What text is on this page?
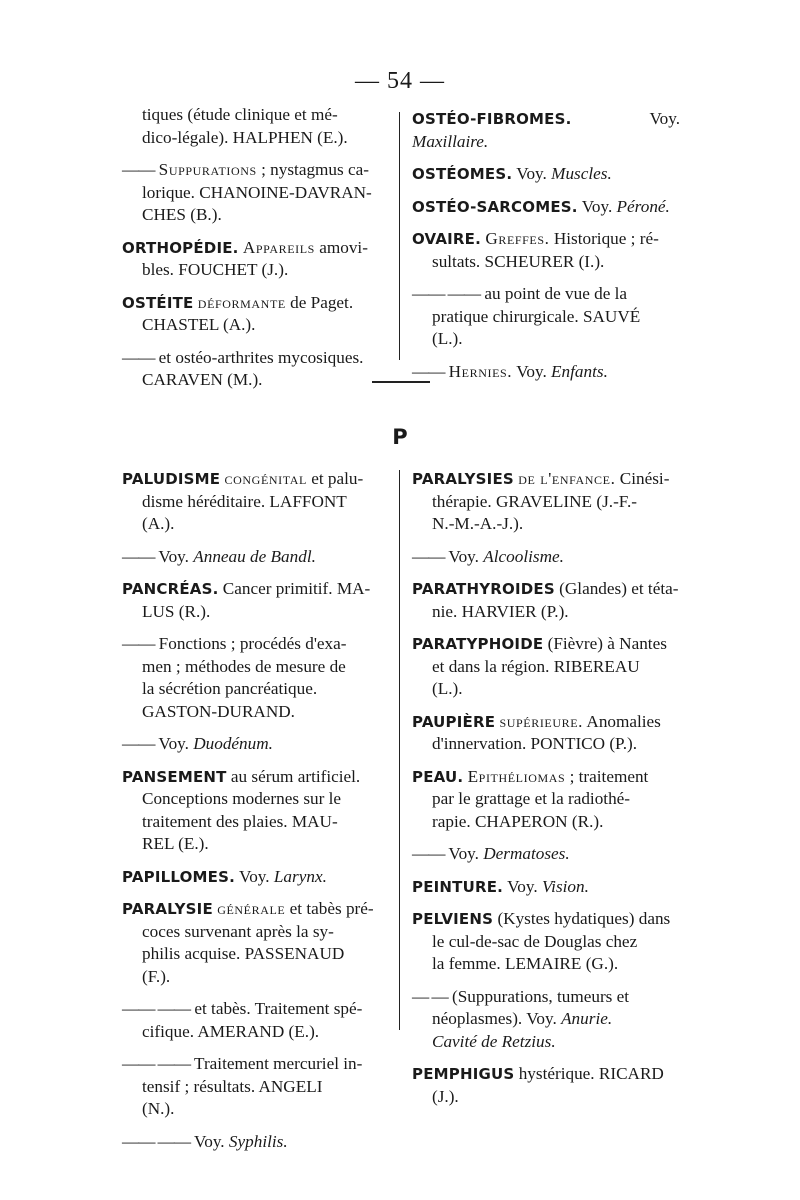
— 54 —
tiques (étude clinique et mé-
dico-légale). HALPHEN (E.).
—— Suppurations ; nystagmus ca-
lorique. CHANOINE-DAVRAN-
CHES (B.).
ORTHOPÉDIE. Appareils amovi-
bles. FOUCHET (J.).
OSTÉITE déformante de Paget.
CHASTEL (A.).
—— et ostéo-arthrites mycosiques.
CARAVEN (M.).
OSTÉO-FIBROMES.	Voy. Maxillaire.
OSTÉOMES. Voy. Muscles.
OSTÉO-SARCOMES. Voy. Péroné.
OVAIRE. Greffes. Historique ; ré-
sultats. SCHEURER (I.).
—— —— au point de vue de la
pratique chirurgicale. SAUVÉ
(L.).
—— Hernies. Voy. Enfants.
P
PALUDISME congénital et palu-
disme héréditaire. LAFFONT
(A.).
—— Voy. Anneau de Bandl.
PANCRÉAS. Cancer primitif. MA-
LUS (R.).
—— Fonctions ; procédés d'exa-
men ; méthodes de mesure de
la sécrétion pancréatique.
GASTON-DURAND.
—— Voy. Duodénum.
PANSEMENT au sérum artificiel.
Conceptions modernes sur le
traitement des plaies. MAU-
REL (E.).
PAPILLOMES. Voy. Larynx.
PARALYSIE générale et tabès pré-
coces survenant après la sy-
philis acquise. PASSENAUD
(F.).
—— —— et tabès. Traitement spé-
cifique. AMERAND (E.).
—— —— Traitement mercuriel in-
tensif ; résultats. ANGELI
(N.).
—— —— Voy. Syphilis.
PARALYSIES de l'enfance. Cinési-
thérapie. GRAVELINE (J.-F.-
N.-M.-A.-J.).
—— Voy. Alcoolisme.
PARATHYROIDES (Glandes) et téta-
nie. HARVIER (P.).
PARATYPHOIDE (Fièvre) à Nantes
et dans la région. RIBEREAU
(L.).
PAUPIÈRE supérieure. Anomalies
d'innervation. PONTICO (P.).
PEAU. Epithéliomas ; traitement
par le grattage et la radiothé-
rapie. CHAPERON (R.).
—— Voy. Dermatoses.
PEINTURE. Voy. Vision.
PELVIENS (Kystes hydatiques) dans
le cul-de-sac de Douglas chez
la femme. LEMAIRE (G.).
— — (Suppurations, tumeurs et
néoplasmes). Voy. Anurie.
Cavité de Retzius.
PEMPHIGUS hystérique. RICARD
(J.).
